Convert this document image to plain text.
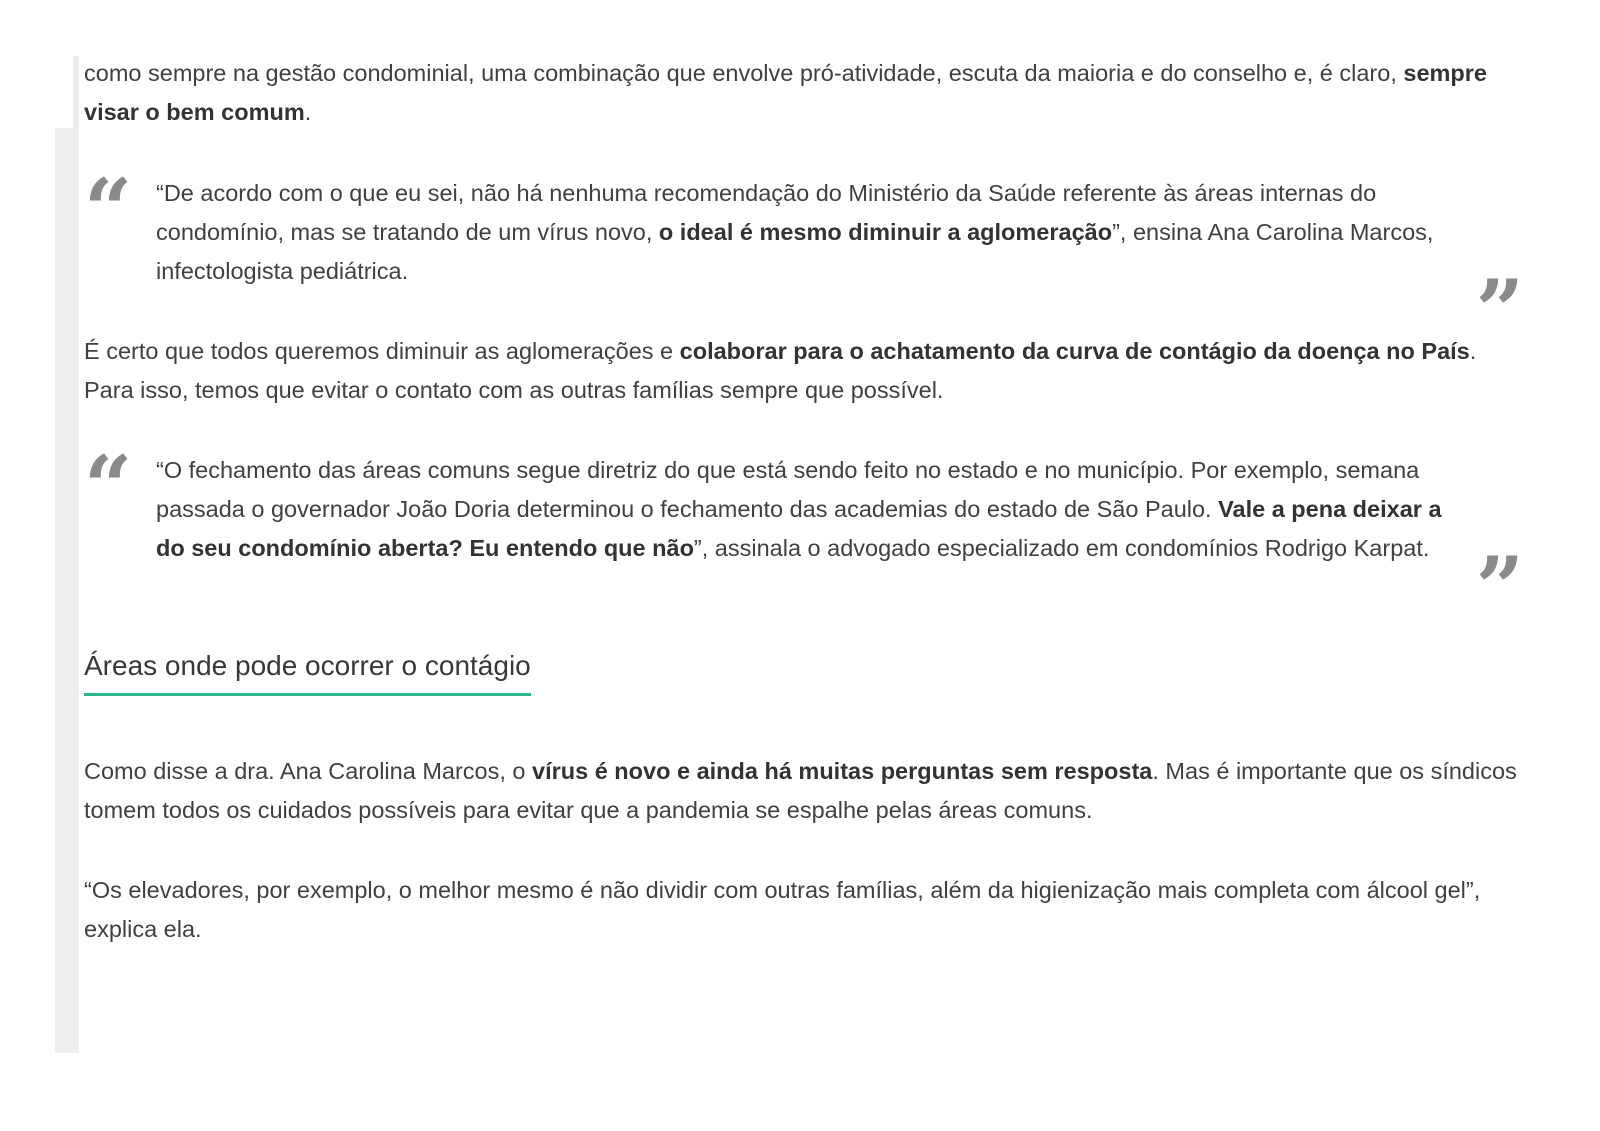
como sempre na gestão condominial, uma combinação que envolve pró-atividade, escuta da maioria e do conselho e, é claro, sempre visar o bem comum.

“ “De acordo com o que eu sei, não há nenhuma recomendação do Ministério da Saúde referente às áreas internas do condomínio, mas se tratando de um vírus novo, o ideal é mesmo diminuir a aglomeração”, ensina Ana Carolina Marcos, infectologista pediátrica.	”

É certo que todos queremos diminuir as aglomerações e colaborar para o achatamento da curva de contágio da doença no País. Para isso, temos que evitar o contato com as outras famílias sempre que possível.

“ “O fechamento das áreas comuns segue diretriz do que está sendo feito no estado e no município. Por exemplo, semana passada o governador João Doria determinou o fechamento das academias do estado de São Paulo. Vale a pena deixar a do seu condomínio aberta? Eu entendo que não”, assinala o advogado especializado em condomínios Rodrigo Karpat. ”
Áreas onde pode ocorrer o contágio

Como disse a dra. Ana Carolina Marcos, o vírus é novo e ainda há muitas perguntas sem resposta. Mas é importante que os síndicos tomem todos os cuidados possíveis para evitar que a pandemia se espalhe pelas áreas comuns.

“Os elevadores, por exemplo, o melhor mesmo é não dividir com outras famílias, além da higienização mais completa com álcool gel”, explica ela.
